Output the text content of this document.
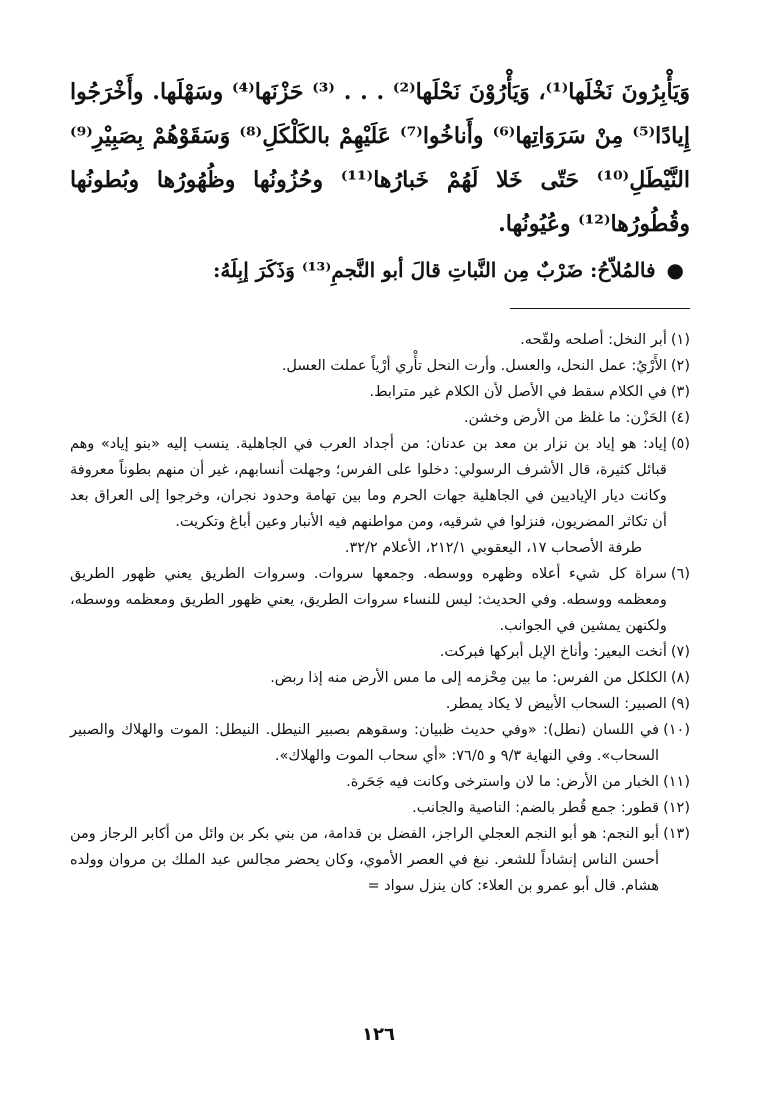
وَيَأْبِرُونَ نَخْلَها⁽¹⁾، وَيَأْرُوْنَ نَحْلَها⁽²⁾ . . . ⁽³⁾ حَزْنَها⁽⁴⁾ وسَهْلَها. وأَخْرَجُوا إِيادًا⁽⁵⁾ مِنْ سَرَوَاتِها⁽⁶⁾ وأَناخُوا⁽⁷⁾ عَلَيْهِمْ بالكَلْكَلِ⁽⁸⁾ وَسَقَوْهُمْ بِصَبِيْرِ⁽⁹⁾ النَّيْطَلِ⁽¹⁰⁾ حَتّى خَلا لَهُمْ خَبارُها⁽¹¹⁾ وحُزُونُها وظُهُورُها وبُطونُها وقُطُورُها⁽¹²⁾ وعُيُونُها.

● فالمُلاّحُ: ضَرْبٌ مِن النَّباتِ قالَ أبو النَّجمِ⁽¹³⁾ وَذَكَرَ إبِلَهُ:

(١)
أبر النخل: أصلحه ولقّحه.
(٢)
الأَرْيُ: عمل النحل، والعسل. وأرت النحل تأْري أرْياً عملت العسل.
(٣)
في الكلام سقط في الأصل لأن الكلام غير مترابط.
(٤)
الحَزْن: ما غلظ من الأرض وخشن.
(٥)
إياد: هو إياد بن نزار بن معد بن عدنان: من أجداد العرب في الجاهلية. ينسب إليه «بنو إياد» وهم قبائل كثيرة، قال الأشرف الرسولي: دخلوا على الفرس؛ وجهلت أنسابهم، غير أن منهم بطوناً معروفة وكانت ديار الإياديين في الجاهلية جهات الحرم وما بين تهامة وحدود نجران، وخرجوا إلى العراق بعد أن تكاثر المضريون، فنزلوا في شرقيه، ومن مواطنهم فيه الأنبار وعين أباغ وتكريت.
طرفة الأصحاب ١٧، اليعقوبي ٢١٢/١، الأعلام ٣٢/٢.
(٦)
سراة كل شيء أعلاه وظهره ووسطه. وجمعها سروات. وسروات الطريق يعني ظهور الطريق ومعظمه ووسطه. وفي الحديث: ليس للنساء سروات الطريق، يعني ظهور الطريق ومعظمه ووسطه، ولكنهن يمشين في الجوانب.
(٧)
أنخت البعير: وأناخ الإبل أبركها فبركت.
(٨)
الكلكل من الفرس: ما بين مِحْزمه إلى ما مس الأرض منه إذا ربض.
(٩)
الصبير: السحاب الأبيض لا يكاد يمطر.
(١٠)
في اللسان (نطل): «وفي حديث ظبيان: وسقوهم بصبير النيطل. النيطل: الموت والهلاك والصبير السحاب». وفي النهاية ٩/٣ و ٧٦/٥: «أي سحاب الموت والهلاك».
(١١)
الخبار من الأرض: ما لان واسترخى وكانت فيه جَحَرة.
(١٢)
قطور: جمع قُطر بالضم: الناصية والجانب.
(١٣)
أبو النجم: هو أبو النجم العجلي الراجز، الفضل بن قدامة، من بني بكر بن وائل من أكابر الرجاز ومن أحسن الناس إنشاداً للشعر. نبغ في العصر الأموي، وكان يحضر مجالس عبد الملك بن مروان وولده هشام. قال أبو عمرو بن العلاء: كان ينزل سواد =
١٢٦
